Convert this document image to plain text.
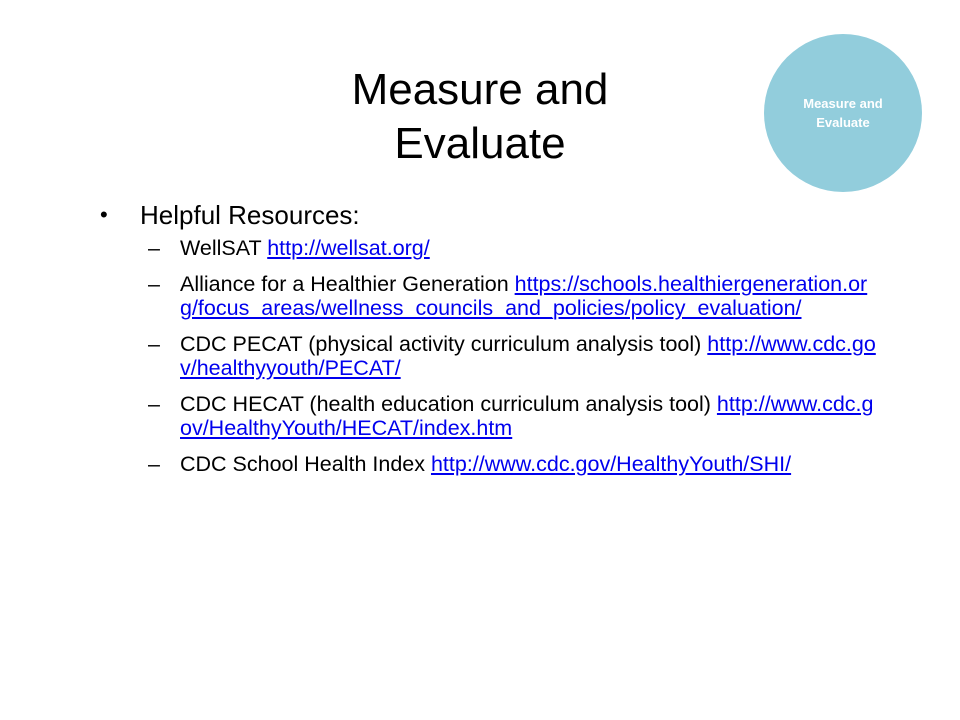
Measure and
Evaluate
Measure and Evaluate
• Helpful Resources:
– WellSAT http://wellsat.org/
– Alliance for a Healthier Generation https://schools.healthiergeneration.org/focus_areas/wellness_councils_and_policies/policy_evaluation/
– CDC PECAT (physical activity curriculum analysis tool) http://www.cdc.gov/healthyyouth/PECAT/
– CDC HECAT (health education curriculum analysis tool) http://www.cdc.gov/HealthyYouth/HECAT/index.htm
– CDC School Health Index http://www.cdc.gov/HealthyYouth/SHI/
